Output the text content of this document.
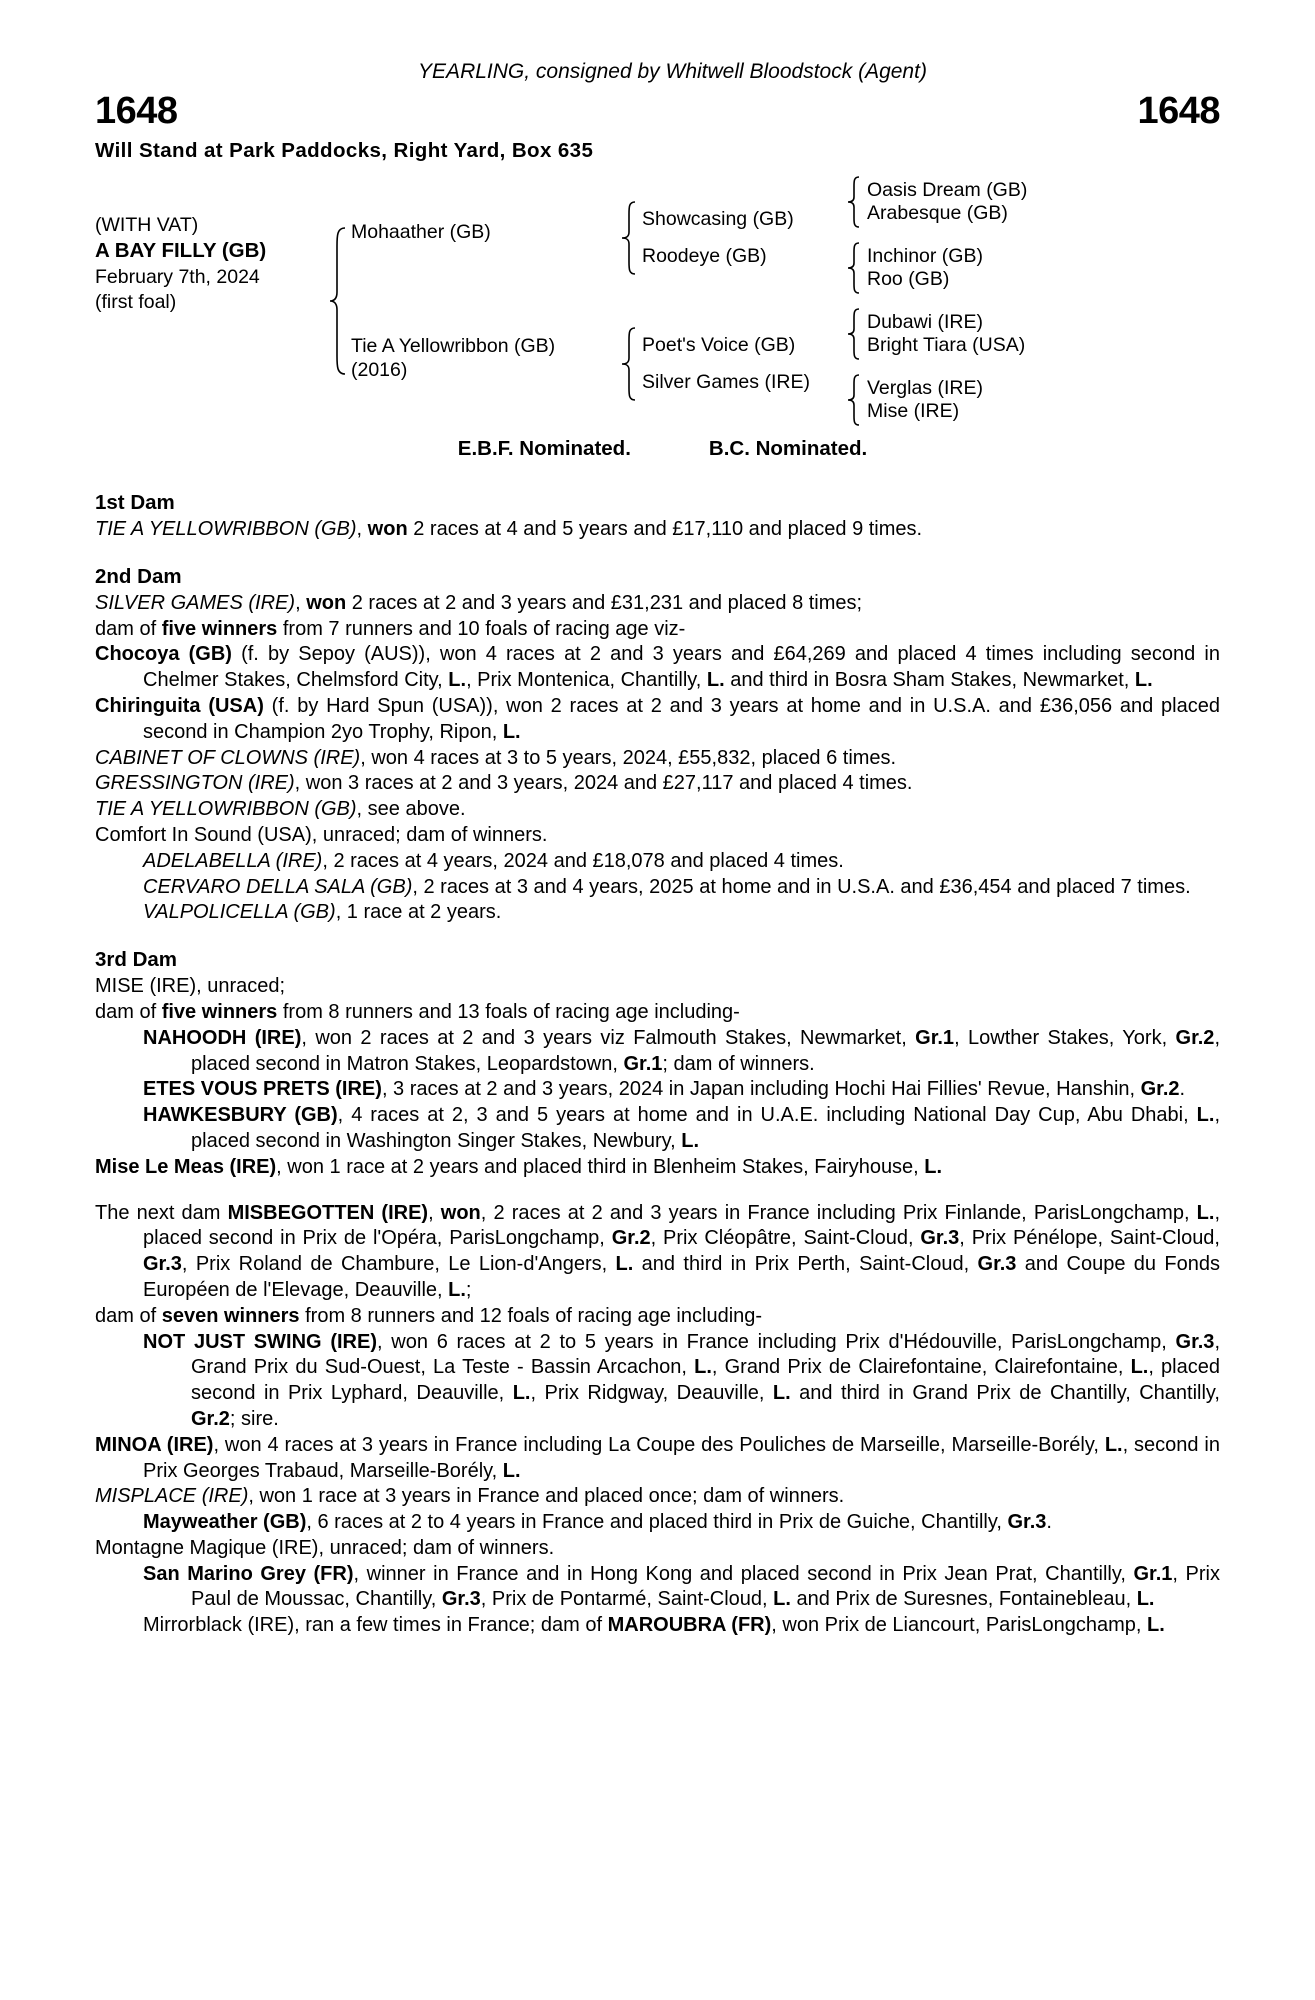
YEARLING, consigned by Whitwell Bloodstock (Agent)
1648	1648
Will Stand at Park Paddocks, Right Yard, Box 635
(WITH VAT)
A BAY FILLY (GB)
February 7th, 2024
(first foal)
Mohaather (GB)
Tie A Yellowribbon (GB)
(2016)
Showcasing (GB)
Roodeye (GB)
Poet's Voice (GB)
Silver Games (IRE)
Oasis Dream (GB)
Arabesque (GB)
Inchinor (GB)
Roo (GB)
Dubawi (IRE)
Bright Tiara (USA)
Verglas (IRE)
Mise (IRE)
E.B.F. Nominated.	B.C. Nominated.
1st Dam

TIE A YELLOWRIBBON (GB), won 2 races at 4 and 5 years and £17,110 and placed 9 times.

2nd Dam

SILVER GAMES (IRE), won 2 races at 2 and 3 years and £31,231 and placed 8 times;

dam of five winners from 7 runners and 10 foals of racing age viz-

Chocoya (GB) (f. by Sepoy (AUS)), won 4 races at 2 and 3 years and £64,269 and placed 4 times including second in Chelmer Stakes, Chelmsford City, L., Prix Montenica, Chantilly, L. and third in Bosra Sham Stakes, Newmarket, L.

Chiringuita (USA) (f. by Hard Spun (USA)), won 2 races at 2 and 3 years at home and in U.S.A. and £36,056 and placed second in Champion 2yo Trophy, Ripon, L.

CABINET OF CLOWNS (IRE), won 4 races at 3 to 5 years, 2024, £55,832, placed 6 times.

GRESSINGTON (IRE), won 3 races at 2 and 3 years, 2024 and £27,117 and placed 4 times.

TIE A YELLOWRIBBON (GB), see above.

Comfort In Sound (USA), unraced; dam of winners.

ADELABELLA (IRE), 2 races at 4 years, 2024 and £18,078 and placed 4 times.

CERVARO DELLA SALA (GB), 2 races at 3 and 4 years, 2025 at home and in U.S.A. and £36,454 and placed 7 times.

VALPOLICELLA (GB), 1 race at 2 years.

3rd Dam

MISE (IRE), unraced;

dam of five winners from 8 runners and 13 foals of racing age including-

NAHOODH (IRE), won 2 races at 2 and 3 years viz Falmouth Stakes, Newmarket, Gr.1, Lowther Stakes, York, Gr.2, placed second in Matron Stakes, Leopardstown, Gr.1; dam of winners.

ETES VOUS PRETS (IRE), 3 races at 2 and 3 years, 2024 in Japan including Hochi Hai Fillies' Revue, Hanshin, Gr.2.

HAWKESBURY (GB), 4 races at 2, 3 and 5 years at home and in U.A.E. including National Day Cup, Abu Dhabi, L., placed second in Washington Singer Stakes, Newbury, L.

Mise Le Meas (IRE), won 1 race at 2 years and placed third in Blenheim Stakes, Fairyhouse, L.

The next dam MISBEGOTTEN (IRE), won, 2 races at 2 and 3 years in France including Prix Finlande, ParisLongchamp, L., placed second in Prix de l'Opéra, ParisLongchamp, Gr.2, Prix Cléopâtre, Saint-Cloud, Gr.3, Prix Pénélope, Saint-Cloud, Gr.3, Prix Roland de Chambure, Le Lion-d'Angers, L. and third in Prix Perth, Saint-Cloud, Gr.3 and Coupe du Fonds Européen de l'Elevage, Deauville, L.;

dam of seven winners from 8 runners and 12 foals of racing age including-

NOT JUST SWING (IRE), won 6 races at 2 to 5 years in France including Prix d'Hédouville, ParisLongchamp, Gr.3, Grand Prix du Sud-Ouest, La Teste - Bassin Arcachon, L., Grand Prix de Clairefontaine, Clairefontaine, L., placed second in Prix Lyphard, Deauville, L., Prix Ridgway, Deauville, L. and third in Grand Prix de Chantilly, Chantilly, Gr.2; sire.

MINOA (IRE), won 4 races at 3 years in France including La Coupe des Pouliches de Marseille, Marseille-Borély, L., second in Prix Georges Trabaud, Marseille-Borély, L.

MISPLACE (IRE), won 1 race at 3 years in France and placed once; dam of winners.

Mayweather (GB), 6 races at 2 to 4 years in France and placed third in Prix de Guiche, Chantilly, Gr.3.

Montagne Magique (IRE), unraced; dam of winners.

San Marino Grey (FR), winner in France and in Hong Kong and placed second in Prix Jean Prat, Chantilly, Gr.1, Prix Paul de Moussac, Chantilly, Gr.3, Prix de Pontarmé, Saint-Cloud, L. and Prix de Suresnes, Fontainebleau, L.

Mirrorblack (IRE), ran a few times in France; dam of MAROUBRA (FR), won Prix de Liancourt, ParisLongchamp, L.
